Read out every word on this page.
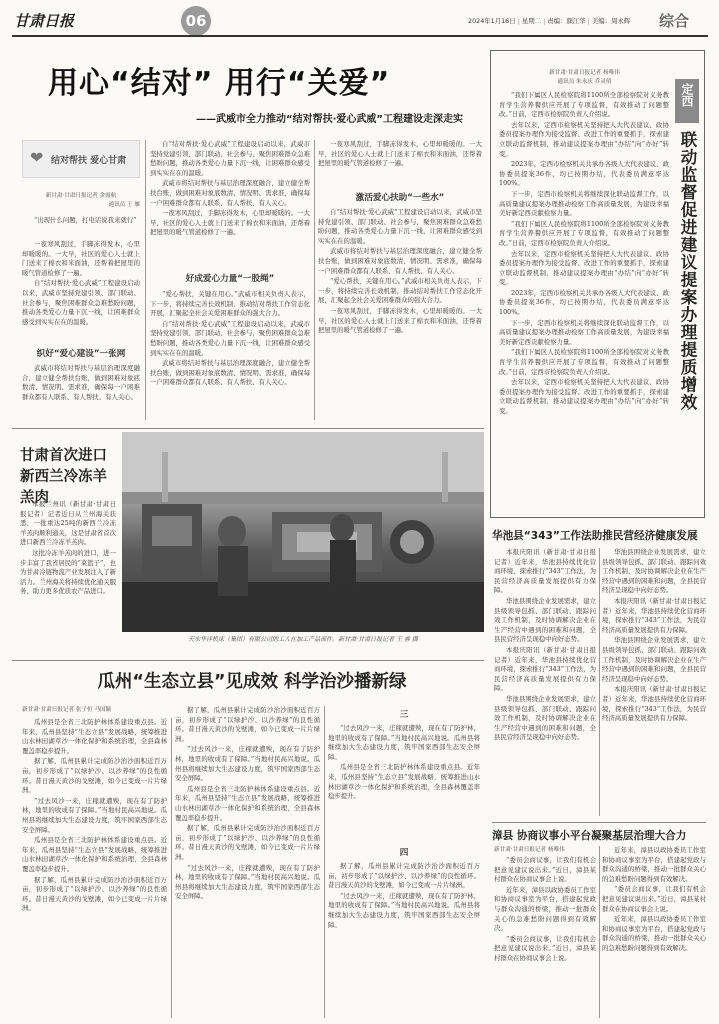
甘肃日报	06	2024年1月16日 | 星期二 | 责编：颜江华 | 美编：周永辉 综合
用心“结对” 用行“关爱”
——武威市全力推动“结对帮扶·爱心武威”工程建设走深走实
❤ 结对帮扶 爱心甘肃
新甘肃·甘肃日报记者 金霞航
通讯员 王 雁

“出现什么问题，打电话说我来就行”

一夜寒风刮过，手脚冻得发木，心里却暖暖的。一大早，社区的爱心人士就上门送来了棉衣和米面油，还帮着把屋里的暖气管道检修了一遍。

自“结对帮扶·爱心武威”工程建设启动以来，武威市坚持党建引领、部门联动、社会参与，聚焦困难群众急难愁盼问题，推动各类爱心力量下沉一线，让困难群众感受到实实在在的温暖。

织好“爱心建设”一张网

武威市将结对帮扶与基层治理深度融合，建立健全帮扶台账，做到困难对象底数清、情况明、需求准，确保每一户困难群众都有人联系、有人帮扶、有人关心。

自“结对帮扶·爱心武威”工程建设启动以来，武威市坚持党建引领、部门联动、社会参与，聚焦困难群众急难愁盼问题，推动各类爱心力量下沉一线，让困难群众感受到实实在在的温暖。

武威市将结对帮扶与基层治理深度融合，建立健全帮扶台账，做到困难对象底数清、情况明、需求准，确保每一户困难群众都有人联系、有人帮扶、有人关心。

一夜寒风刮过，手脚冻得发木，心里却暖暖的。一大早，社区的爱心人士就上门送来了棉衣和米面油，还帮着把屋里的暖气管道检修了一遍。

好成爱心力量“一股绳”

“爱心帮扶，关键在用心。”武威市相关负责人表示，下一步，将持续完善长效机制，推动结对帮扶工作常态化开展，汇聚起全社会关爱困难群众的强大合力。

自“结对帮扶·爱心武威”工程建设启动以来，武威市坚持党建引领、部门联动、社会参与，聚焦困难群众急难愁盼问题，推动各类爱心力量下沉一线，让困难群众感受到实实在在的温暖。

武威市将结对帮扶与基层治理深度融合，建立健全帮扶台账，做到困难对象底数清、情况明、需求准，确保每一户困难群众都有人联系、有人帮扶、有人关心。

一夜寒风刮过，手脚冻得发木，心里却暖暖的。一大早，社区的爱心人士就上门送来了棉衣和米面油，还帮着把屋里的暖气管道检修了一遍。

激活爱心扶助“一些水”

自“结对帮扶·爱心武威”工程建设启动以来，武威市坚持党建引领、部门联动、社会参与，聚焦困难群众急难愁盼问题，推动各类爱心力量下沉一线，让困难群众感受到实实在在的温暖。

武威市将结对帮扶与基层治理深度融合，建立健全帮扶台账，做到困难对象底数清、情况明、需求准，确保每一户困难群众都有人联系、有人帮扶、有人关心。

“爱心帮扶，关键在用心。”武威市相关负责人表示，下一步，将持续完善长效机制，推动结对帮扶工作常态化开展，汇聚起全社会关爱困难群众的强大合力。

一夜寒风刮过，手脚冻得发木，心里却暖暖的。一大早，社区的爱心人士就上门送来了棉衣和米面油，还帮着把屋里的暖气管道检修了一遍。

新甘肃·甘肃日报记者 杨唯伟
通讯员 朱永庆 乔灵倩

“我们下属区人民检察院将1100所全部检察院对义务教育学生营养餐供应开展了专项监督，有效推动了问题整改。”日前，定西市检察院负责人介绍说。

去年以来，定西市检察机关坚持把人大代表建议、政协委员提案办理作为接受监督、改进工作的重要抓手，探索建立联动监督机制，推动建议提案办理由“办结”向“办好”转变。

2023年，定西市检察机关共承办各级人大代表建议、政协委员提案36件，均已按期办结，代表委员满意率达100%。

下一步，定西市检察机关将继续深化联动监督工作，以高质量建议提案办理推动检察工作高质量发展，为建设幸福美好新定西贡献检察力量。

“我们下属区人民检察院将1100所全部检察院对义务教育学生营养餐供应开展了专项监督，有效推动了问题整改。”日前，定西市检察院负责人介绍说。

去年以来，定西市检察机关坚持把人大代表建议、政协委员提案办理作为接受监督、改进工作的重要抓手，探索建立联动监督机制，推动建议提案办理由“办结”向“办好”转变。

2023年，定西市检察机关共承办各级人大代表建议、政协委员提案36件，均已按期办结，代表委员满意率达100%。

下一步，定西市检察机关将继续深化联动监督工作，以高质量建议提案办理推动检察工作高质量发展，为建设幸福美好新定西贡献检察力量。

“我们下属区人民检察院将1100所全部检察院对义务教育学生营养餐供应开展了专项监督，有效推动了问题整改。”日前，定西市检察院负责人介绍说。

去年以来，定西市检察机关坚持把人大代表建议、政协委员提案办理作为接受监督、改进工作的重要抓手，探索建立联动监督机制，推动建议提案办理由“办结”向“办好”转变。

定西
联动监督促进建议提案办理提质增效
甘肃首次进口新西兰冷冻羊羔肉

本报兰州讯（新甘肃·甘肃日报记者）记者近日从兰州海关获悉，一批重达25吨的新西兰冷冻羊羔肉顺利通关，这是甘肃省首次进口新西兰冷冻羊羔肉。

这批冷冻羊羔肉的进口，进一步丰富了我省居民的“菜篮子”，也为甘肃冷链物流产业发展注入了新活力。兰州海关将持续优化通关服务，助力更多优质农产品进口。

天水华洋机床（集团）有限公司的工人在加工产品部件。新甘肃·甘肃日报记者 王 睿 摄
瓜州“生态立县”见成效 科学治沙播新绿
新甘肃·甘肃日报记者 张子恒 马国颖

瓜州县是全省三北防护林体系建设重点县。近年来，瓜州县坚持“生态立县”发展战略，统筹推进山水林田湖草沙一体化保护和系统治理，全县森林覆盖率稳步提升。

据了解，瓜州县累计完成防沙治沙面积近百万亩，初步形成了“以绿护沙、以沙养绿”的良性循环。昔日漫天黄沙的戈壁滩，如今已变成一片片绿洲。

“过去风沙一来，庄稼就遭殃，现在有了防护林，地里的收成有了保障。”当地村民高兴地说。瓜州县将继续加大生态建设力度，筑牢国家西部生态安全屏障。

瓜州县是全省三北防护林体系建设重点县。近年来，瓜州县坚持“生态立县”发展战略，统筹推进山水林田湖草沙一体化保护和系统治理，全县森林覆盖率稳步提升。

据了解，瓜州县累计完成防沙治沙面积近百万亩，初步形成了“以绿护沙、以沙养绿”的良性循环。昔日漫天黄沙的戈壁滩，如今已变成一片片绿洲。

据了解，瓜州县累计完成防沙治沙面积近百万亩，初步形成了“以绿护沙、以沙养绿”的良性循环。昔日漫天黄沙的戈壁滩，如今已变成一片片绿洲。

“过去风沙一来，庄稼就遭殃，现在有了防护林，地里的收成有了保障。”当地村民高兴地说。瓜州县将继续加大生态建设力度，筑牢国家西部生态安全屏障。

瓜州县是全省三北防护林体系建设重点县。近年来，瓜州县坚持“生态立县”发展战略，统筹推进山水林田湖草沙一体化保护和系统治理，全县森林覆盖率稳步提升。

据了解，瓜州县累计完成防沙治沙面积近百万亩，初步形成了“以绿护沙、以沙养绿”的良性循环。昔日漫天黄沙的戈壁滩，如今已变成一片片绿洲。

“过去风沙一来，庄稼就遭殃，现在有了防护林，地里的收成有了保障。”当地村民高兴地说。瓜州县将继续加大生态建设力度，筑牢国家西部生态安全屏障。

三

“过去风沙一来，庄稼就遭殃，现在有了防护林，地里的收成有了保障。”当地村民高兴地说。瓜州县将继续加大生态建设力度，筑牢国家西部生态安全屏障。

瓜州县是全省三北防护林体系建设重点县。近年来，瓜州县坚持“生态立县”发展战略，统筹推进山水林田湖草沙一体化保护和系统治理，全县森林覆盖率稳步提升。

四

据了解，瓜州县累计完成防沙治沙面积近百万亩，初步形成了“以绿护沙、以沙养绿”的良性循环。昔日漫天黄沙的戈壁滩，如今已变成一片片绿洲。

“过去风沙一来，庄稼就遭殃，现在有了防护林，地里的收成有了保障。”当地村民高兴地说。瓜州县将继续加大生态建设力度，筑牢国家西部生态安全屏障。

华池县“343”工作法助推民营经济健康发展

本报庆阳讯（新甘肃·甘肃日报记者）近年来，华池县持续优化营商环境，探索推行“343”工作法，为民营经济高质量发展提供有力保障。

华池县围绕企业发展需求，建立县级领导包抓、部门联动、跟踪问效工作机制，及时协调解决企业在生产经营中遇到的困难和问题，全县民营经济呈现稳中向好态势。

本报庆阳讯（新甘肃·甘肃日报记者）近年来，华池县持续优化营商环境，探索推行“343”工作法，为民营经济高质量发展提供有力保障。

华池县围绕企业发展需求，建立县级领导包抓、部门联动、跟踪问效工作机制，及时协调解决企业在生产经营中遇到的困难和问题，全县民营经济呈现稳中向好态势。

华池县围绕企业发展需求，建立县级领导包抓、部门联动、跟踪问效工作机制，及时协调解决企业在生产经营中遇到的困难和问题，全县民营经济呈现稳中向好态势。

本报庆阳讯（新甘肃·甘肃日报记者）近年来，华池县持续优化营商环境，探索推行“343”工作法，为民营经济高质量发展提供有力保障。

华池县围绕企业发展需求，建立县级领导包抓、部门联动、跟踪问效工作机制，及时协调解决企业在生产经营中遇到的困难和问题，全县民营经济呈现稳中向好态势。

本报庆阳讯（新甘肃·甘肃日报记者）近年来，华池县持续优化营商环境，探索推行“343”工作法，为民营经济高质量发展提供有力保障。

漳县 协商议事小平台凝聚基层治理大合力
新甘肃·甘肃日报记者 杨唯伟

“委员会商议事，让我们有机会把意见建议说出来。”近日，漳县某村群众在协商议事会上说。

近年来，漳县以政协委员工作室和协商议事室为平台，搭建起党政与群众沟通的桥梁，推动一批群众关心的急难愁盼问题得到有效解决。

“委员会商议事，让我们有机会把意见建议说出来。”近日，漳县某村群众在协商议事会上说。

近年来，漳县以政协委员工作室和协商议事室为平台，搭建起党政与群众沟通的桥梁，推动一批群众关心的急难愁盼问题得到有效解决。

“委员会商议事，让我们有机会把意见建议说出来。”近日，漳县某村群众在协商议事会上说。

近年来，漳县以政协委员工作室和协商议事室为平台，搭建起党政与群众沟通的桥梁，推动一批群众关心的急难愁盼问题得到有效解决。
